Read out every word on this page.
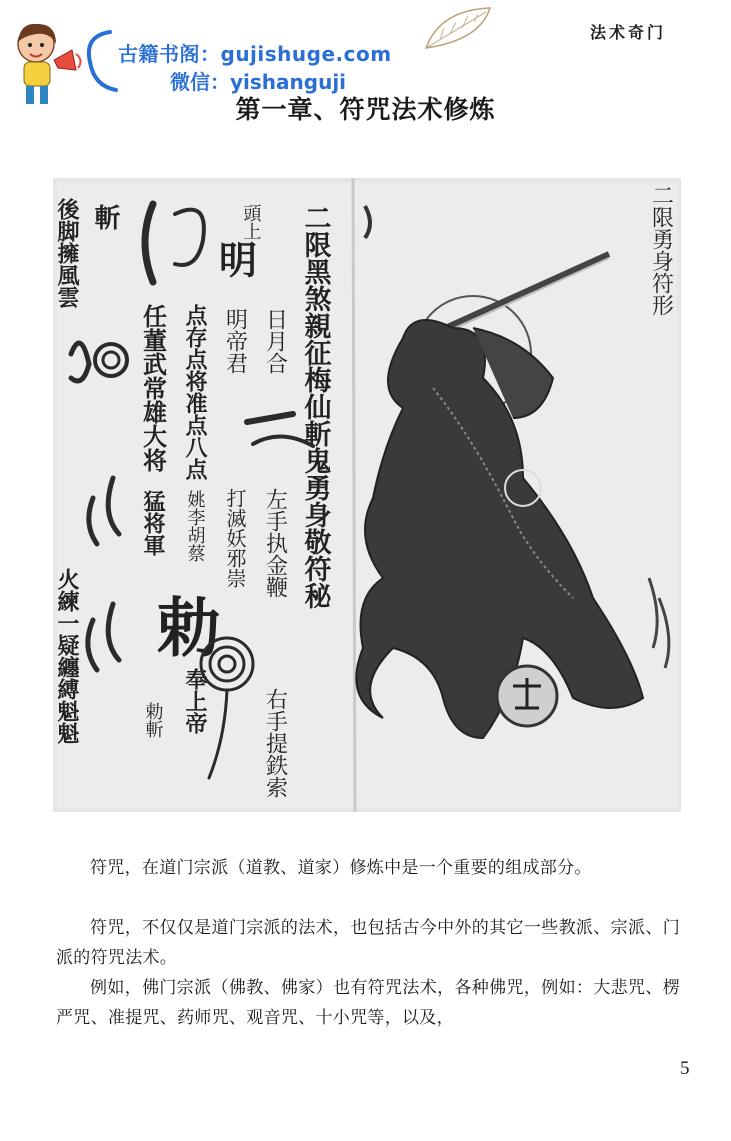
古籍书阁：gujishuge.com
微信：yishanguji
法术奇门
第一章、符咒法术修炼
二限黑煞親征梅仙斬鬼勇身敬符秘
日月合
明帝君
左手执金鞭
打滅妖邪崇
右手提鉄索
点存点将准点八点
姚李胡蔡
任董武常雄大将
猛将軍
奉上帝
勅斬
後脚擁風雲 斬
火練一疑纏縛魁魁
頭上
明	二限勇身符形
勅
符咒，在道门宗派（道教、道家）修炼中是一个重要的组成部分。
符咒，不仅仅是道门宗派的法术，也包括古今中外的其它一些教派、宗派、门派的符咒法术。
例如，佛门宗派（佛教、佛家）也有符咒法术，各种佛咒，例如：大悲咒、楞严咒、准提咒、药师咒、观音咒、十小咒等，以及，
5
